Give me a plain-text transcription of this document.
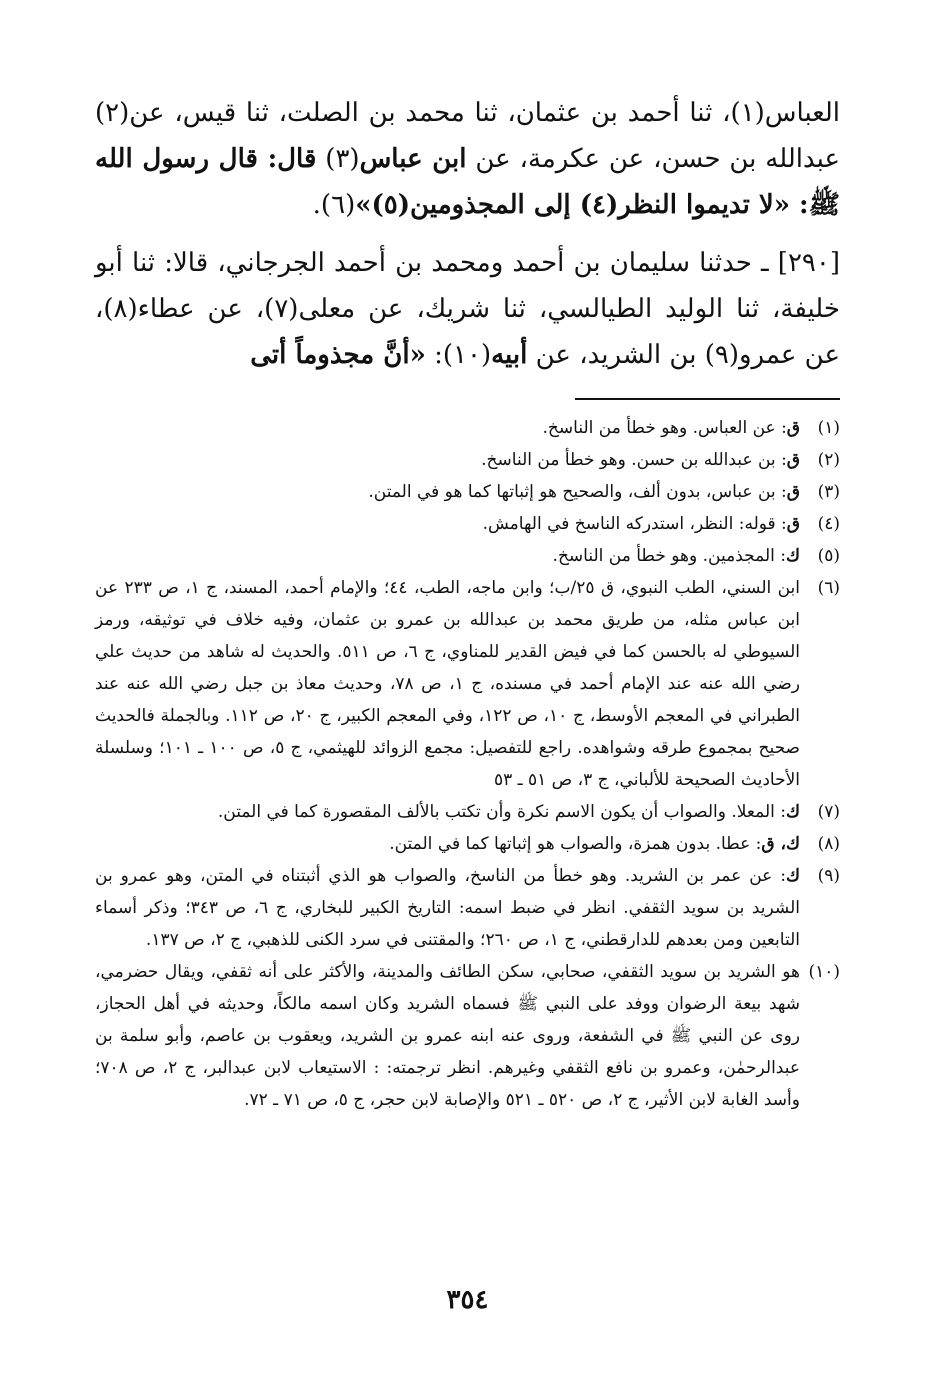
العباس(١)، ثنا أحمد بن عثمان، ثنا محمد بن الصلت، ثنا قيس، عن(٢) عبدالله بن حسن، عن عكرمة، عن ابن عباس(٣) قال: قال رسول الله ﷺ: «لا تديموا النظر(٤) إلى المجذومين(٥)»(٦).

[٢٩٠] ـ حدثنا سليمان بن أحمد ومحمد بن أحمد الجرجاني، قالا: ثنا أبو خليفة، ثنا الوليد الطيالسي، ثنا شريك، عن معلى(٧)، عن عطاء(٨)، عن عمرو(٩) بن الشريد، عن أبيه(١٠): «أنَّ مجذوماً أتى

(١)
ق: عن العباس. وهو خطأ من الناسخ.
(٢)
ق: بن عبدالله بن حسن. وهو خطأ من الناسخ.
(٣)
ق: بن عباس، بدون ألف، والصحيح هو إثباتها كما هو في المتن.
(٤)
ق: قوله: النظر، استدركه الناسخ في الهامش.
(٥)
ك: المجذمين. وهو خطأ من الناسخ.
(٦)
ابن السني، الطب النبوي، ق ٢٥/ب؛ وابن ماجه، الطب، ٤٤؛ والإمام أحمد، المسند، ج ١، ص ٢٣٣ عن ابن عباس مثله، من طريق محمد بن عبدالله بن عمرو بن عثمان، وفيه خلاف في توثيقه، ورمز السيوطي له بالحسن كما في فيض القدير للمناوي، ج ٦، ص ٥١١. والحديث له شاهد من حديث علي رضي الله عنه عند الإمام أحمد في مسنده، ج ١، ص ٧٨، وحديث معاذ بن جبل رضي الله عنه عند الطبراني في المعجم الأوسط، ج ١٠، ص ١٢٢، وفي المعجم الكبير، ج ٢٠، ص ١١٢. وبالجملة فالحديث صحيح بمجموع طرقه وشواهده. راجع للتفصيل: مجمع الزوائد للهيثمي، ج ٥، ص ١٠٠ ـ ١٠١؛ وسلسلة الأحاديث الصحيحة للألباني، ج ٣، ص ٥١ ـ ٥٣
(٧)
ك: المعلا. والصواب أن يكون الاسم نكرة وأن تكتب بالألف المقصورة كما في المتن.
(٨)
ك، ق: عطا. بدون همزة، والصواب هو إثباتها كما في المتن.
(٩)
ك: عن عمر بن الشريد. وهو خطأ من الناسخ، والصواب هو الذي أثبتناه في المتن، وهو عمرو بن الشريد بن سويد الثقفي. انظر في ضبط اسمه: التاريخ الكبير للبخاري، ج ٦، ص ٣٤٣؛ وذكر أسماء التابعين ومن بعدهم للدارقطني، ج ١، ص ٢٦٠؛ والمقتنى في سرد الكنى للذهبي، ج ٢، ص ١٣٧.
(١٠)
هو الشريد بن سويد الثقفي، صحابي، سكن الطائف والمدينة، والأكثر على أنه ثقفي، ويقال حضرمي، شهد بيعة الرضوان ووفد على النبي ﷺ فسماه الشريد وكان اسمه مالكاً، وحديثه في أهل الحجاز، روى عن النبي ﷺ في الشفعة، وروى عنه ابنه عمرو بن الشريد، ويعقوب بن عاصم، وأبو سلمة بن عبدالرحمٰن، وعمرو بن نافع الثقفي وغيرهم. انظر ترجمته: : الاستيعاب لابن عبدالبر، ج ٢، ص ٧٠٨؛ وأسد الغابة لابن الأثير، ج ٢، ص ٥٢٠ ـ ٥٢١ والإصابة لابن حجر، ج ٥، ص ٧١ ـ ٧٢.
٣٥٤
